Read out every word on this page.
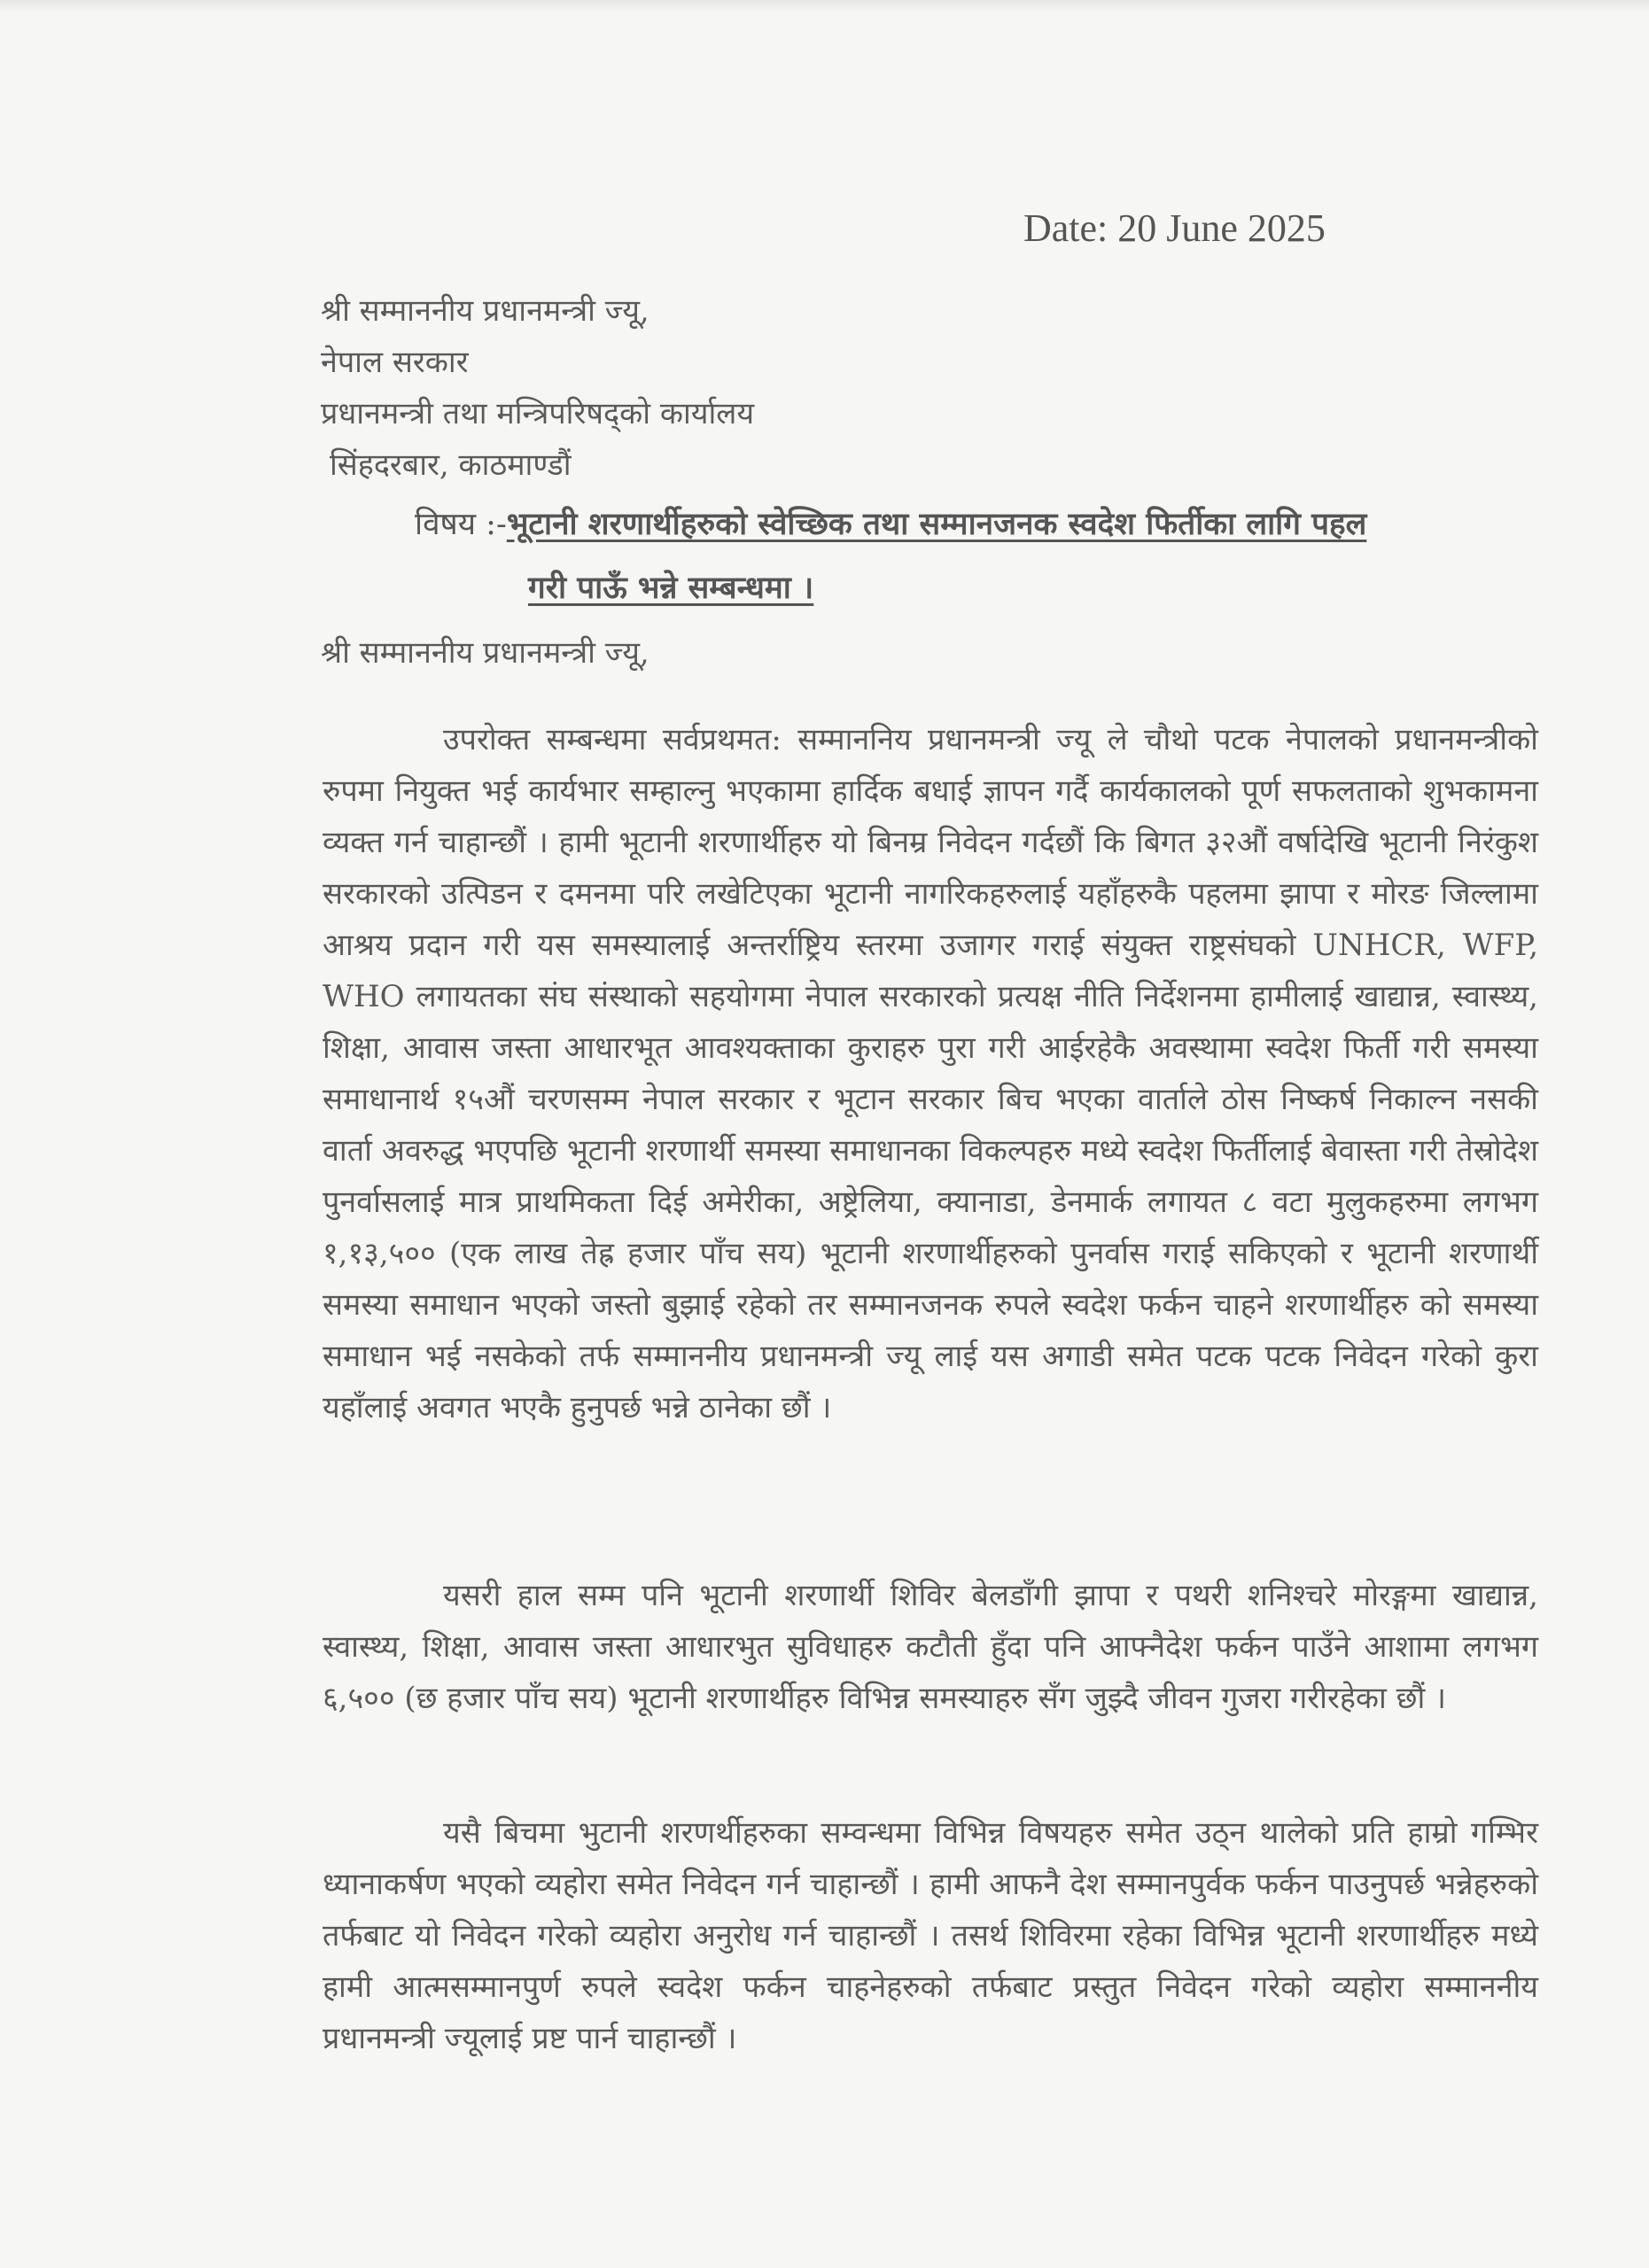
Date: 20 June 2025
श्री सम्माननीय प्रधानमन्त्री ज्यू,
नेपाल सरकार
प्रधानमन्त्री तथा मन्त्रिपरिषद्को कार्यालय
सिंहदरबार, काठमाण्डौं
विषय :-भूटानी शरणार्थीहरुको स्वेच्छिक तथा सम्मानजनक स्वदेश फिर्तीका लागि पहल
गरी पाऊँ भन्ने सम्बन्धमा ।
श्री सम्माननीय प्रधानमन्त्री ज्यू,

उपरोक्त सम्बन्धमा सर्वप्रथमत: सम्माननिय प्रधानमन्त्री ज्यू ले चौथो पटक नेपालको प्रधानमन्त्रीको रुपमा नियुक्त भई कार्यभार सम्हाल्नु भएकामा हार्दिक बधाई ज्ञापन गर्दै कार्यकालको पूर्ण सफलताको शुभकामना व्यक्त गर्न चाहान्छौं । हामी भूटानी शरणार्थीहरु यो बिनम्र निवेदन गर्दछौं कि बिगत ३२औं वर्षादेखि भूटानी निरंकुश सरकारको उत्पिडन र दमनमा परि लखेटिएका भूटानी नागरिकहरुलाई यहाँहरुकै पहलमा झापा र मोरङ जिल्लामा आश्रय प्रदान गरी यस समस्यालाई अन्तर्राष्ट्रिय स्तरमा उजागर गराई संयुक्त राष्ट्रसंघको UNHCR, WFP, WHO लगायतका संघ संस्थाको सहयोगमा नेपाल सरकारको प्रत्यक्ष नीति निर्देशनमा हामीलाई खाद्यान्न, स्वास्थ्य, शिक्षा, आवास जस्ता आधारभूत आवश्यक्ताका कुराहरु पुरा गरी आईरहेकै अवस्थामा स्वदेश फिर्ती गरी समस्या समाधानार्थ १५औं चरणसम्म नेपाल सरकार र भूटान सरकार बिच भएका वार्ताले ठोस निष्कर्ष निकाल्न नसकी वार्ता अवरुद्ध भएपछि भूटानी शरणार्थी समस्या समाधानका विकल्पहरु मध्ये स्वदेश फिर्तीलाई बेवास्ता गरी तेस्रोदेश पुनर्वासलाई मात्र प्राथमिकता दिई अमेरीका, अष्ट्रेलिया, क्यानाडा, डेनमार्क लगायत ८ वटा मुलुकहरुमा लगभग १,१३,५०० (एक लाख तेह्र हजार पाँच सय) भूटानी शरणार्थीहरुको पुनर्वास गराई सकिएको र भूटानी शरणार्थी समस्या समाधान भएको जस्तो बुझाई रहेको तर सम्मानजनक रुपले स्वदेश फर्कन चाहने शरणार्थीहरु को समस्या समाधान भई नसकेको तर्फ सम्माननीय प्रधानमन्त्री ज्यू लाई यस अगाडी समेत पटक पटक निवेदन गरेको कुरा यहाँलाई अवगत भएकै हुनुपर्छ भन्ने ठानेका छौं ।

यसरी हाल सम्म पनि भूटानी शरणार्थी शिविर बेलडाँगी झापा र पथरी शनिश्चरे मोरङ्गमा खाद्यान्न, स्वास्थ्य, शिक्षा, आवास जस्ता आधारभुत सुविधाहरु कटौती हुँदा पनि आफ्नैदेश फर्कन पाउँने आशामा लगभग ६,५०० (छ हजार पाँच सय) भूटानी शरणार्थीहरु विभिन्न समस्याहरु सँग जुझ्दै जीवन गुजरा गरीरहेका छौं ।

यसै बिचमा भुटानी शरणर्थीहरुका सम्वन्धमा विभिन्न विषयहरु समेत उठ्न थालेको प्रति हाम्रो गम्भिर ध्यानाकर्षण भएको व्यहोरा समेत निवेदन गर्न चाहान्छौं । हामी आफनै देश सम्मानपुर्वक फर्कन पाउनुपर्छ भन्नेहरुको तर्फबाट यो निवेदन गरेको व्यहोरा अनुरोध गर्न चाहान्छौं । तसर्थ शिविरमा रहेका विभिन्न भूटानी शरणार्थीहरु मध्ये हामी आत्मसम्मानपुर्ण रुपले स्वदेश फर्कन चाहनेहरुको तर्फबाट प्रस्तुत निवेदन गरेको व्यहोरा सम्माननीय प्रधानमन्त्री ज्यूलाई प्रष्ट पार्न चाहान्छौं ।
